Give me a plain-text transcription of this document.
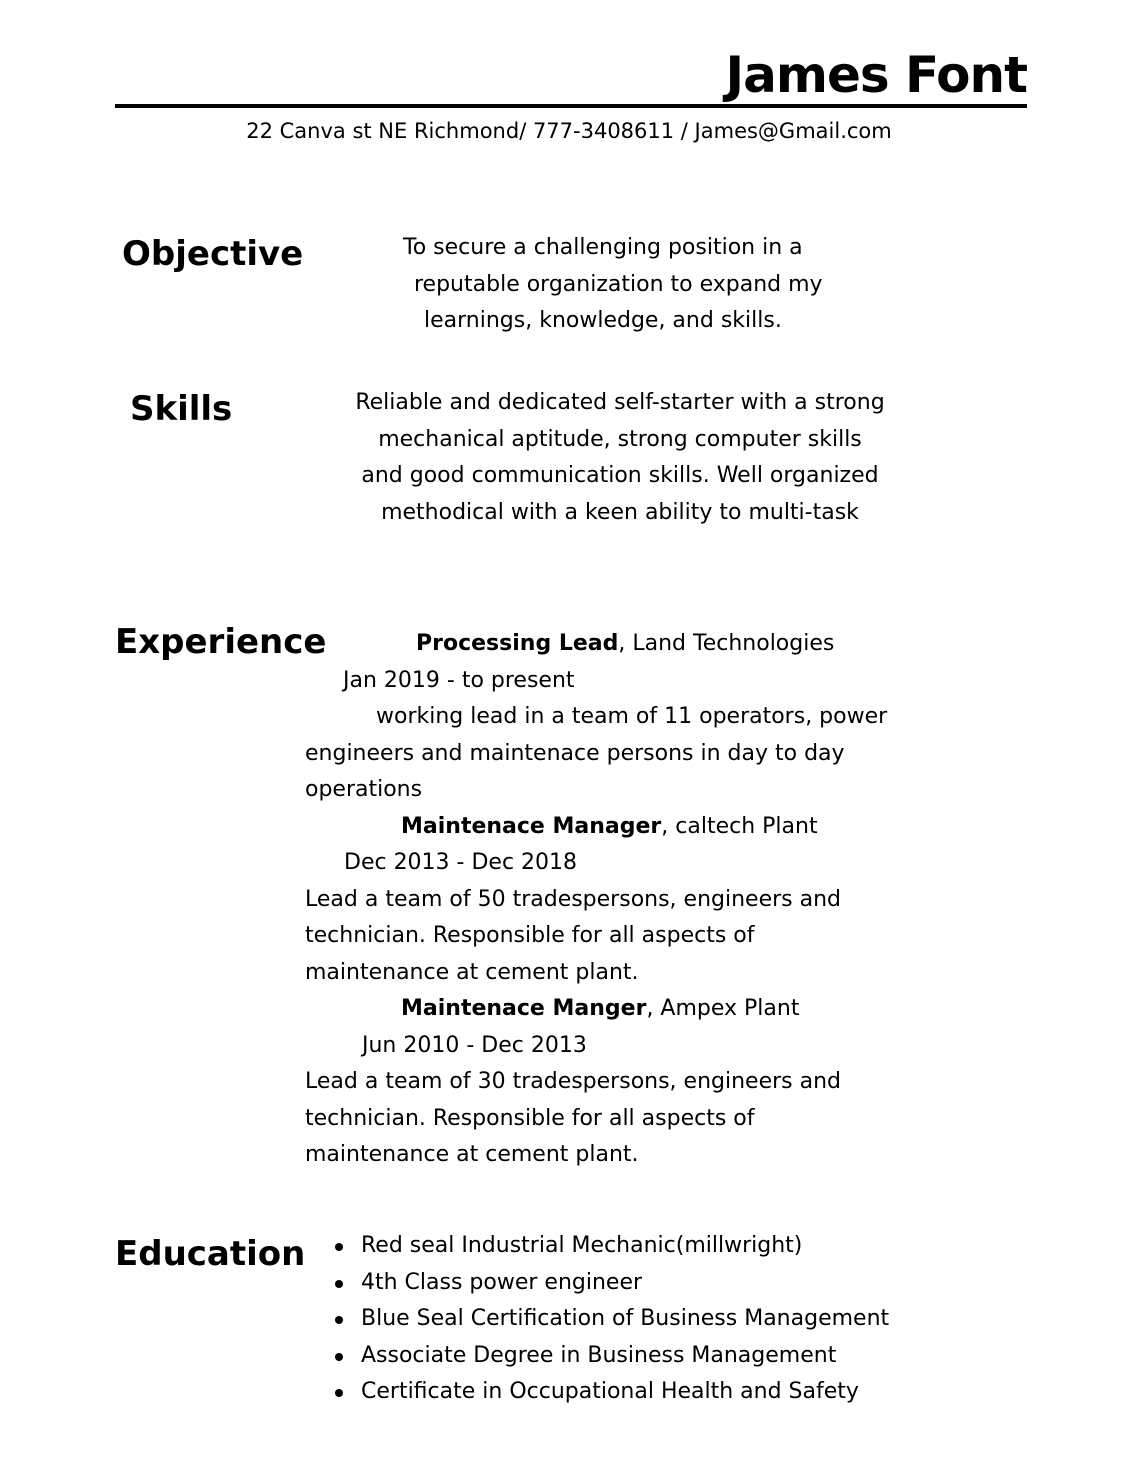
James Font
22 Canva st NE Richmond/ 777-3408611 / James@Gmail.com
Objective	To secure a challenging position in a
reputable organization to expand my
learnings, knowledge, and skills.
Skills	Reliable and dedicated self-starter with a strong
mechanical aptitude, strong computer skills
and good communication skills. Well organized
methodical with a keen ability to multi-task
Experience	Processing Lead, Land Technologies
Jan 2019 - to present
working lead in a team of 11 operators, power
engineers and maintenace persons in day to day
operations
Maintenace Manager, caltech Plant
Dec 2013 - Dec 2018
Lead a team of 50 tradespersons, engineers and
technician. Responsible for all aspects of
maintenance at cement plant.
Maintenace Manger, Ampex Plant
Jun 2010 - Dec 2013
Lead a team of 30 tradespersons, engineers and
technician. Responsible for all aspects of
maintenance at cement plant.
Education	Red seal Industrial Mechanic(millwright)
4th Class power engineer
Blue Seal Certification of Business Management
Associate Degree in Business Management
Certificate in Occupational Health and Safety
